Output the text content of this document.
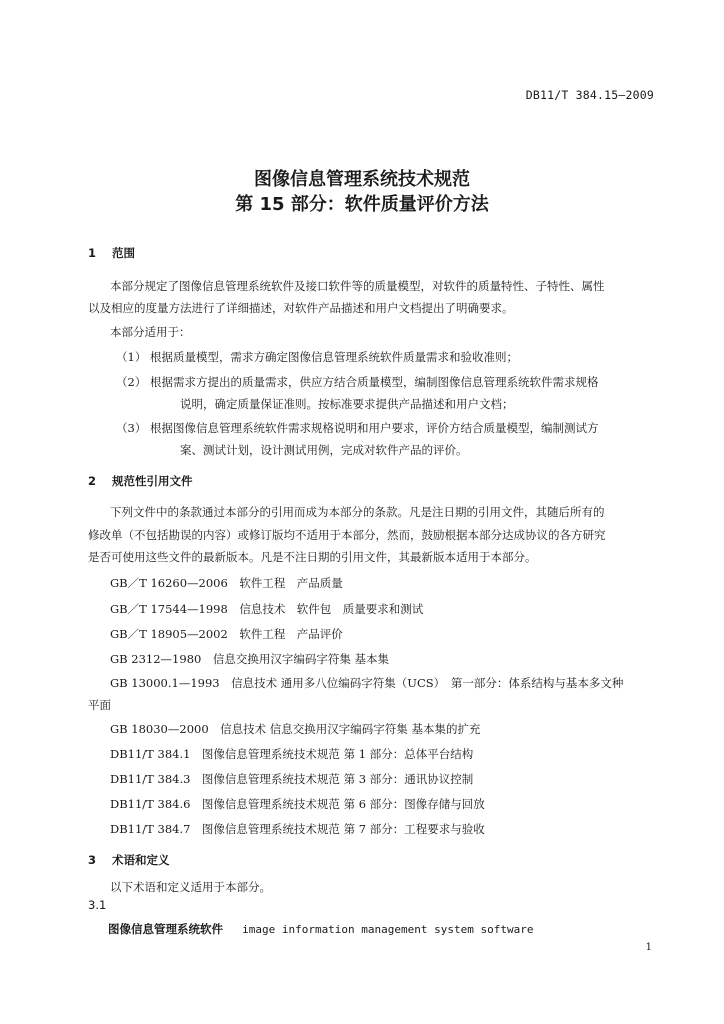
DB11/T 384.15—2009
图像信息管理系统技术规范
第 15 部分：软件质量评价方法
1 范围
本部分规定了图像信息管理系统软件及接口软件等的质量模型，对软件的质量特性、子特性、属性
以及相应的度量方法进行了详细描述，对软件产品描述和用户文档提出了明确要求。
本部分适用于：
（1） 根据质量模型，需求方确定图像信息管理系统软件质量需求和验收准则；
（2） 根据需求方提出的质量需求，供应方结合质量模型，编制图像信息管理系统软件需求规格
说明，确定质量保证准则。按标准要求提供产品描述和用户文档；
（3） 根据图像信息管理系统软件需求规格说明和用户要求，评价方结合质量模型，编制测试方
案、测试计划，设计测试用例，完成对软件产品的评价。
2 规范性引用文件
下列文件中的条款通过本部分的引用而成为本部分的条款。凡是注日期的引用文件，其随后所有的
修改单（不包括勘误的内容）或修订版均不适用于本部分，然而，鼓励根据本部分达成协议的各方研究
是否可使用这些文件的最新版本。凡是不注日期的引用文件，其最新版本适用于本部分。
GB／T 16260—2006　软件工程　产品质量
GB／T 17544—1998　信息技术　软件包　质量要求和测试
GB／T 18905—2002　软件工程　产品评价
GB 2312—1980　信息交换用汉字编码字符集 基本集
GB 13000.1—1993　信息技术 通用多八位编码字符集（UCS）　第一部分：体系结构与基本多文种
平面
GB 18030—2000　信息技术 信息交换用汉字编码字符集 基本集的扩充
DB11/T 384.1　图像信息管理系统技术规范 第 1 部分：总体平台结构
DB11/T 384.3　图像信息管理系统技术规范 第 3 部分：通讯协议控制
DB11/T 384.6　图像信息管理系统技术规范 第 6 部分：图像存储与回放
DB11/T 384.7　图像信息管理系统技术规范 第 7 部分：工程要求与验收
3 术语和定义
以下术语和定义适用于本部分。
3.1
图像信息管理系统软件 image information management system software
1
